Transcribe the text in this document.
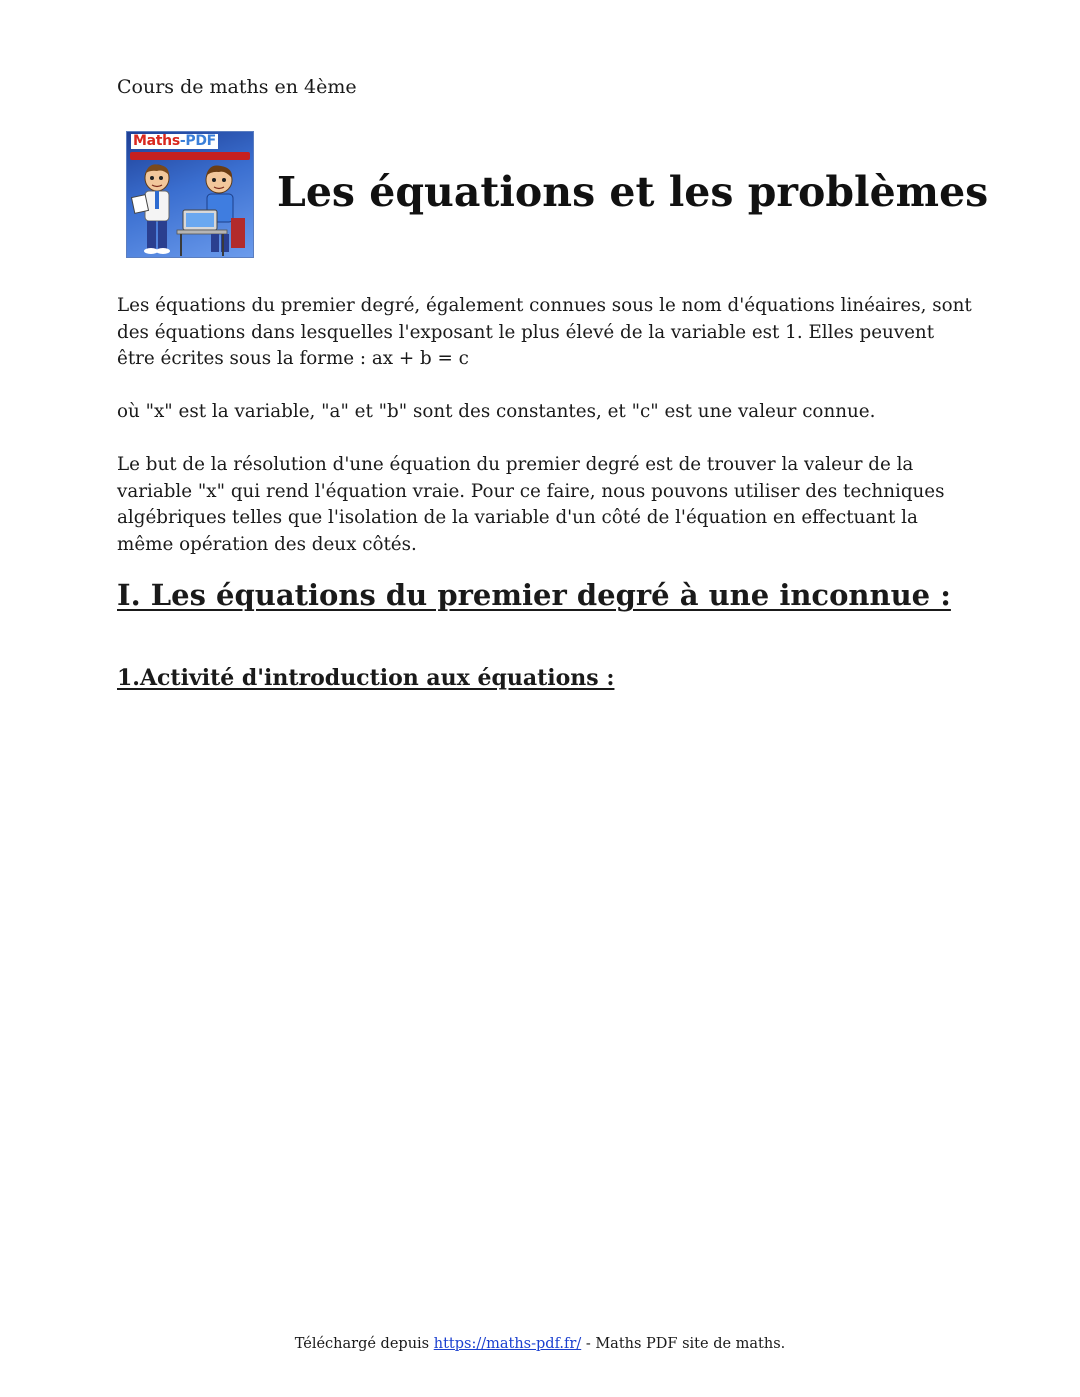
Cours de maths en 4ème
Maths-PDF
Les équations et les problèmes

Les équations du premier degré, également connues sous le nom d'équations linéaires, sont des équations dans lesquelles l'exposant le plus élevé de la variable est 1. Elles peuvent être écrites sous la forme : ax + b = c

où "x" est la variable, "a" et "b" sont des constantes, et "c" est une valeur connue.

Le but de la résolution d'une équation du premier degré est de trouver la valeur de la variable "x" qui rend l'équation vraie. Pour ce faire, nous pouvons utiliser des techniques algébriques telles que l'isolation de la variable d'un côté de l'équation en effectuant la même opération des deux côtés.

I. Les équations du premier degré à une inconnue :
1.Activité d'introduction aux équations :
Téléchargé depuis https://maths-pdf.fr/ - Maths PDF site de maths.
